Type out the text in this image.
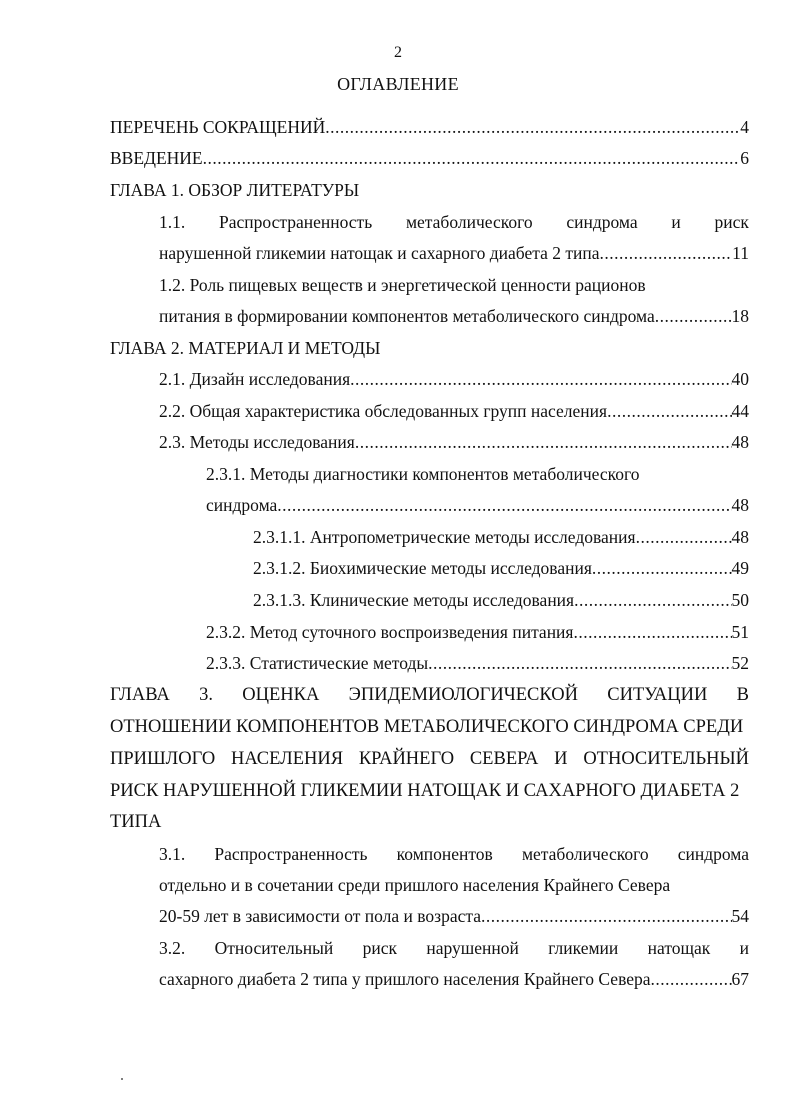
2
ОГЛАВЛЕНИЕ
ПЕРЕЧЕНЬ СОКРАЩЕНИЙ .....	4
ВВЕДЕНИЕ .....	6
ГЛАВА 1. ОБЗОР ЛИТЕРАТУРЫ
1.1. Распространенность метаболического синдрома и риск
нарушенной гликемии натощак и сахарного диабета 2 типа .....	11
1.2. Роль пищевых веществ и энергетической ценности рационов
питания в формировании компонентов метаболического синдрома .....	18
ГЛАВА 2. МАТЕРИАЛ И МЕТОДЫ
2.1. Дизайн исследования .....	40
2.2. Общая характеристика обследованных групп населения .....	44
2.3. Методы исследования .....	48
2.3.1. Методы диагностики компонентов метаболического
синдрома .....	48
2.3.1.1. Антропометрические методы исследования .....	48
2.3.1.2. Биохимические методы исследования .....	49
2.3.1.3. Клинические методы исследования .....	50
2.3.2. Метод суточного воспроизведения питания .....	51
2.3.3. Статистические методы .....	52
ГЛАВА 3. ОЦЕНКА ЭПИДЕМИОЛОГИЧЕСКОЙ СИТУАЦИИ В
ОТНОШЕНИИ КОМПОНЕНТОВ МЕТАБОЛИЧЕСКОГО СИНДРОМА СРЕДИ
ПРИШЛОГО НАСЕЛЕНИЯ КРАЙНЕГО СЕВЕРА И ОТНОСИТЕЛЬНЫЙ
РИСК НАРУШЕННОЙ ГЛИКЕМИИ НАТОЩАК И САХАРНОГО ДИАБЕТА 2
ТИПА
3.1. Распространенность компонентов метаболического синдрома
отдельно и в сочетании среди пришлого населения Крайнего Севера
20-59 лет в зависимости от пола и возраста .....	54
3.2. Относительный риск нарушенной гликемии натощак и
сахарного диабета 2 типа у пришлого населения Крайнего Севера .....	67
